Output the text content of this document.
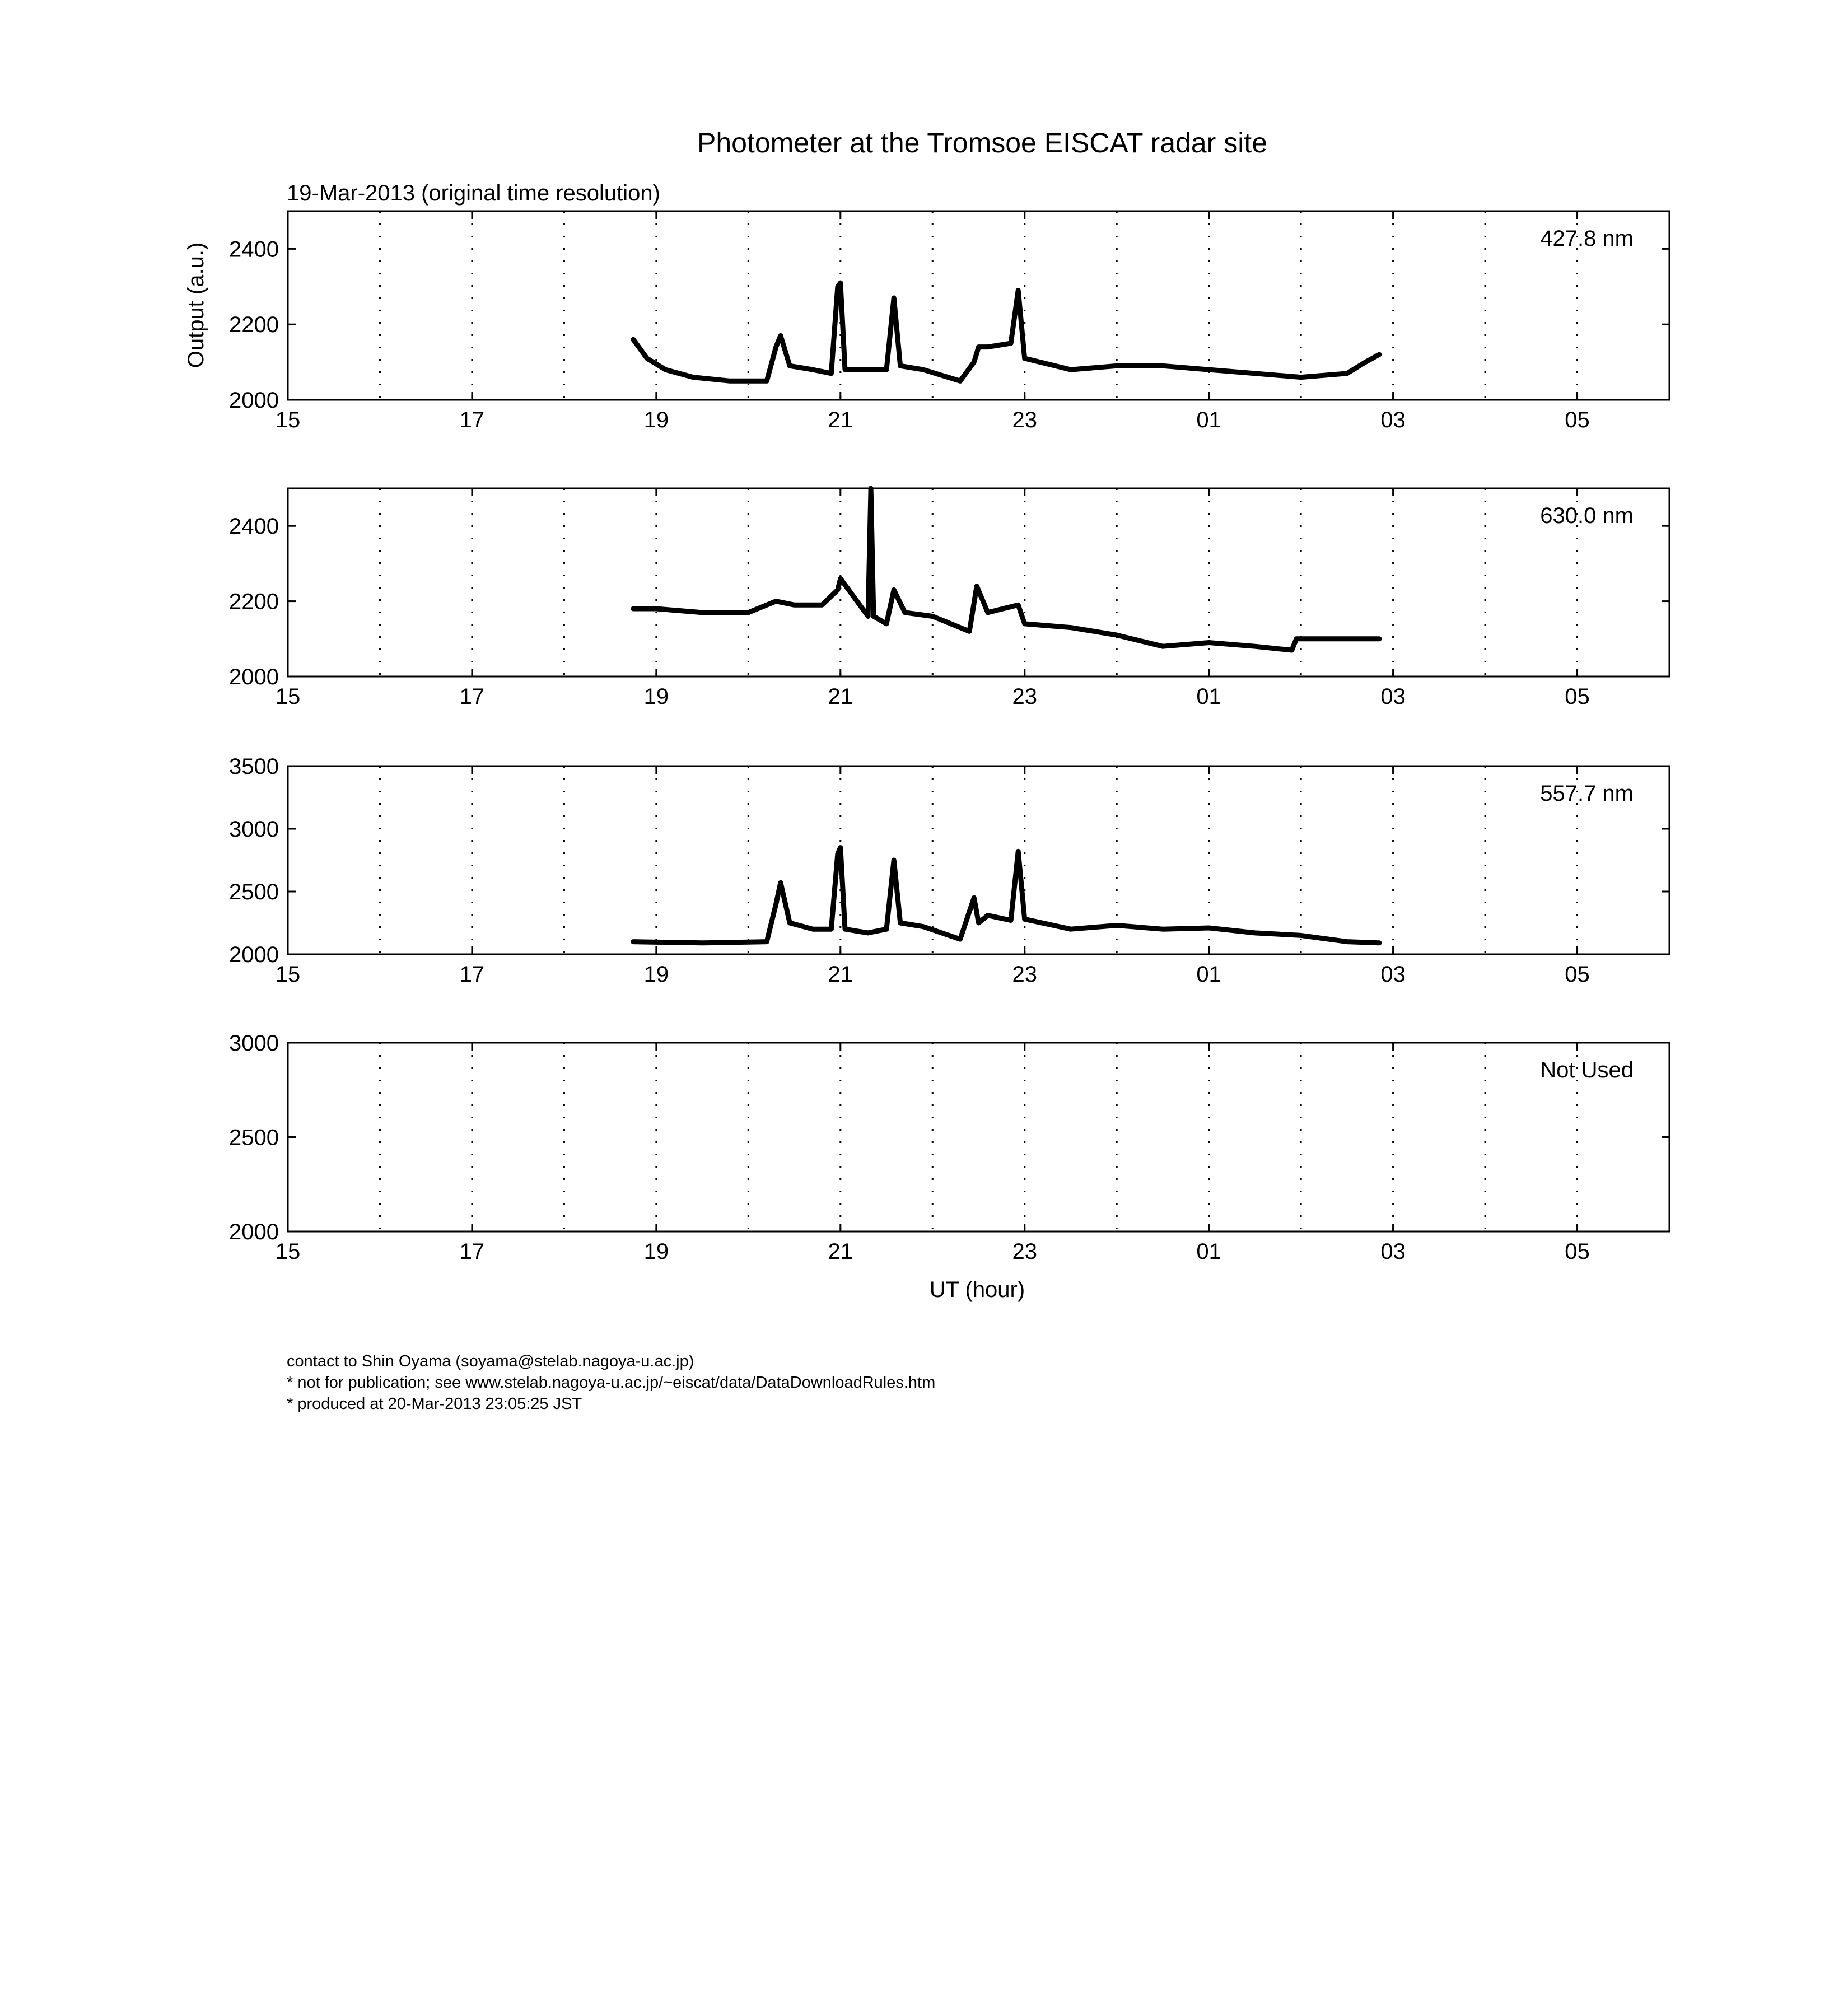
Photometer at the Tromsoe EISCAT radar site
19-Mar-2013 (original time resolution)
Output (a.u.)
UT (hour)
15	17	19	21	23	01	03	05
2000
2200
2400	427.8 nm
15	17	19	21	23	01	03	05
2000
2200
2400	630.0 nm
15	17	19	21	23	01	03	05
2000
2500
3000
3500
557.7 nm
15	17	19	21	23	01	03	05
2000
2500
3000
Not Used
contact to Shin Oyama (soyama@stelab.nagoya-u.ac.jp)
* not for publication; see www.stelab.nagoya-u.ac.jp/~eiscat/data/DataDownloadRules.htm
* produced at 20-Mar-2013 23:05:25 JST
